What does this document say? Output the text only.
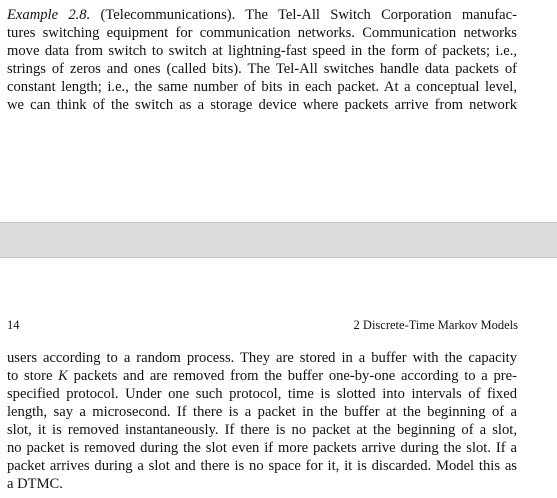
Example 2.8. (Telecommunications). The Tel-All Switch Corporation manufac-
tures switching equipment for communication networks. Communication networks
move data from switch to switch at lightning-fast speed in the form of packets; i.e.,
strings of zeros and ones (called bits). The Tel-All switches handle data packets of
constant length; i.e., the same number of bits in each packet. At a conceptual level,
we can think of the switch as a storage device where packets arrive from network
14	2 Discrete-Time Markov Models
users according to a random process. They are stored in a buffer with the capacity
to store K packets and are removed from the buffer one-by-one according to a pre-
specified protocol. Under one such protocol, time is slotted into intervals of fixed
length, say a microsecond. If there is a packet in the buffer at the beginning of a
slot, it is removed instantaneously. If there is no packet at the beginning of a slot,
no packet is removed during the slot even if more packets arrive during the slot. If a
packet arrives during a slot and there is no space for it, it is discarded. Model this as
a DTMC.
